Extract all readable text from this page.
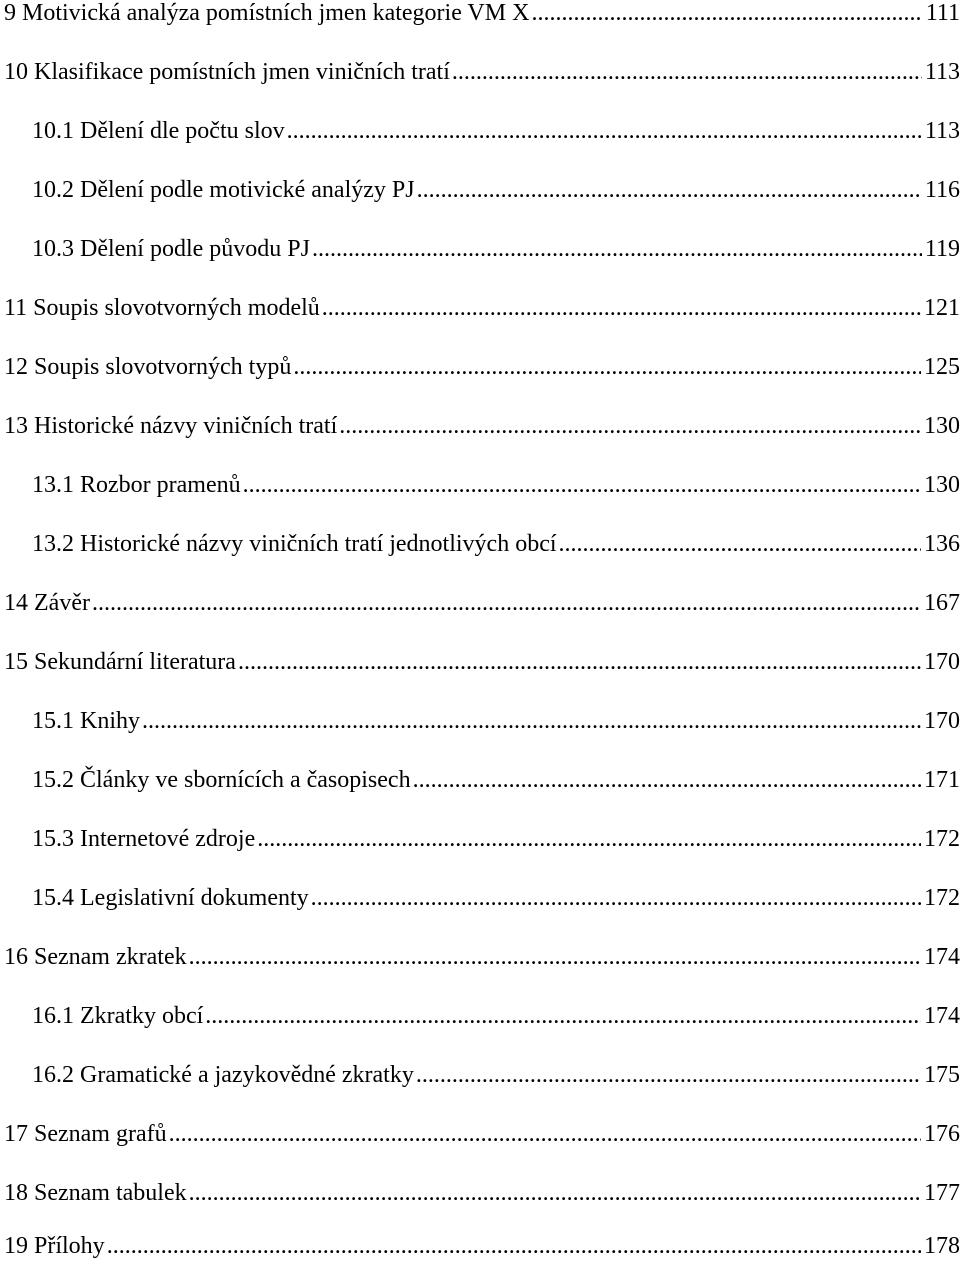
9 Motivická analýza pomístních jmen kategorie VM X .....	111
10 Klasifikace pomístních jmen viničních tratí .....	113
10.1 Dělení dle počtu slov .....	113
10.2 Dělení podle motivické analýzy PJ .....	116
10.3 Dělení podle původu PJ .....	119
11 Soupis slovotvorných modelů .....	121
12 Soupis slovotvorných typů .....	125
13 Historické názvy viničních tratí .....	130
13.1 Rozbor pramenů .....	130
13.2 Historické názvy viničních tratí jednotlivých obcí .....	136
14 Závěr .....	167
15 Sekundární literatura .....	170
15.1 Knihy .....	170
15.2 Články ve sbornících a časopisech .....	171
15.3 Internetové zdroje .....	172
15.4 Legislativní dokumenty .....	172
16 Seznam zkratek .....	174
16.1 Zkratky obcí .....	174
16.2 Gramatické a jazykovědné zkratky .....	175
17 Seznam grafů .....	176
18 Seznam tabulek .....	177
19 Přílohy .....	178
